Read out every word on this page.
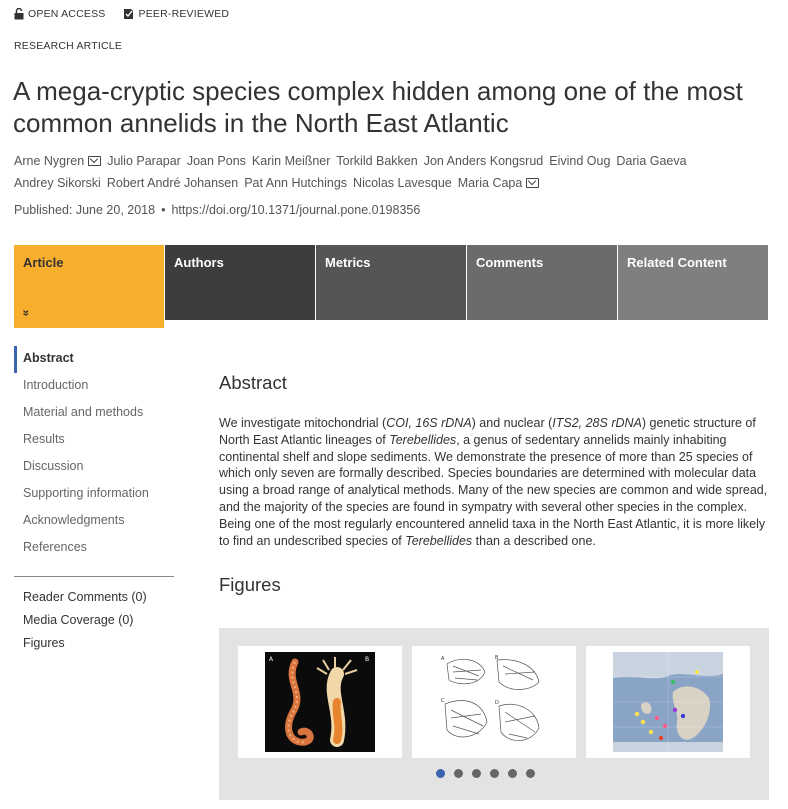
OPEN ACCESS	PEER-REVIEWED
RESEARCH ARTICLE
A mega-cryptic species complex hidden among one of the most common annelids in the North East Atlantic
Arne Nygren Julio Parapar Joan Pons Karin Meißner Torkild Bakken Jon Anders Kongsrud Eivind Oug Daria GaevaAndrey Sikorski Robert André Johansen Pat Ann Hutchings Nicolas Lavesque Maria Capa
Published: June 20, 2018 • https://doi.org/10.1371/journal.pone.0198356
Article
»
Authors	Metrics	Comments	Related Content
Abstract
Introduction
Material and methods
Results
Discussion
Supporting information
Acknowledgments
References
Reader Comments (0)
Media Coverage (0)
Figures
Abstract

We investigate mitochondrial (COI, 16S rDNA) and nuclear (ITS2, 28S rDNA) genetic structure of North East Atlantic lineages of Terebellides, a genus of sedentary annelids mainly inhabiting continental shelf and slope sediments. We demonstrate the presence of more than 25 species of which only seven are formally described. Species boundaries are determined with molecular data using a broad range of analytical methods. Many of the new species are common and wide spread, and the majority of the species are found in sympatry with several other species in the complex. Being one of the most regularly encountered annelid taxa in the North East Atlantic, it is more likely to find an undescribed species of Terebellides than a described one.

Figures
A	B	A	B
C	D
